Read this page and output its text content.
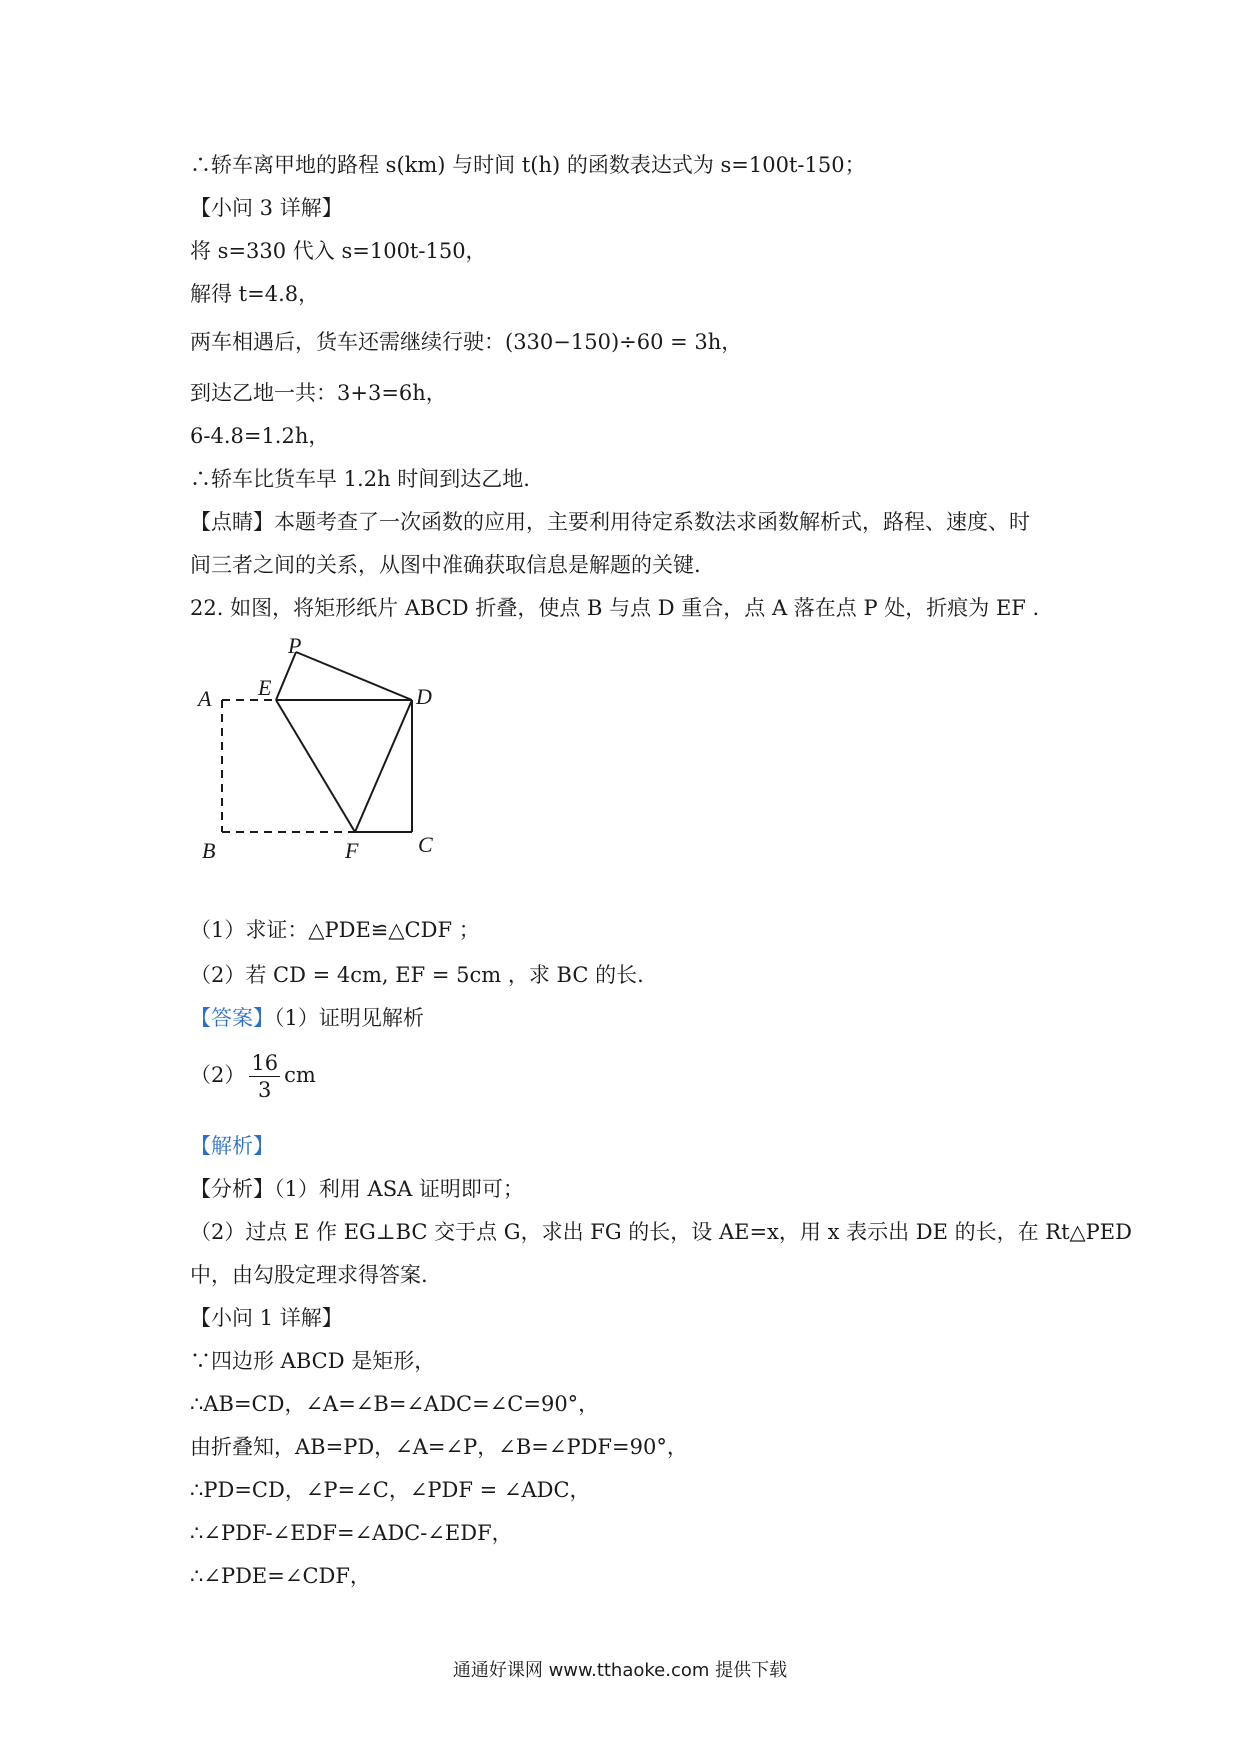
∴轿车离甲地的路程 s(km) 与时间 t(h) 的函数表达式为 s=100t-150；
【小问 3 详解】
将 s=330 代入 s=100t-150，
解得 t=4.8，
两车相遇后，货车还需继续行驶：(330−150)÷60 = 3h，
到达乙地一共：3+3=6h，
6-4.8=1.2h，
∴轿车比货车早 1.2h 时间到达乙地.
【点睛】本题考查了一次函数的应用，主要利用待定系数法求函数解析式，路程、速度、时
间三者之间的关系，从图中准确获取信息是解题的关键.
22. 如图，将矩形纸片 ABCD 折叠，使点 B 与点 D 重合，点 A 落在点 P 处，折痕为 EF .
P
E
A	D
B	F	C
（1）求证：△PDE≌△CDF ；
（2）若 CD = 4cm, EF = 5cm ，求 BC 的长.
【答案】（1）证明见解析
$(2) \frac{16}{3}$ cm
【解析】
【分析】（1）利用 ASA 证明即可；
（2）过点 E 作 EG⊥BC 交于点 G，求出 FG 的长，设 AE=x，用 x 表示出 DE 的长，在 Rt△PED
中，由勾股定理求得答案.
【小问 1 详解】
∵四边形 ABCD 是矩形，
∴AB=CD，∠A=∠B=∠ADC=∠C=90°，
由折叠知，AB=PD，∠A=∠P，∠B=∠PDF=90°，
∴PD=CD，∠P=∠C，∠PDF = ∠ADC，
∴∠PDF-∠EDF=∠ADC-∠EDF，
∴∠PDE=∠CDF，
通通好课网 www.tthaoke.com 提供下载
